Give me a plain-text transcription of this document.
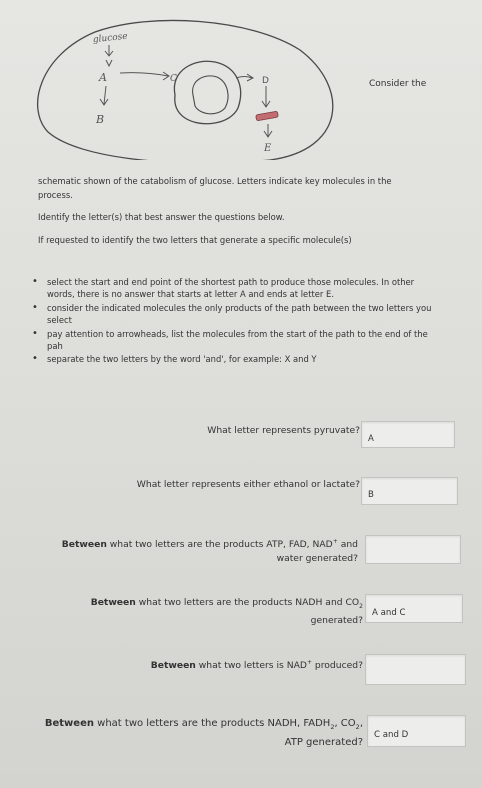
glucose
A
B
C	D
E
Consider the
schematic shown of the catabolism of glucose. Letters indicate key molecules in the
process.
Identify the letter(s) that best answer the questions below.
If requested to identify the two letters that generate a specific molecule(s)
• select the start and end point of the shortest path to produce those molecules. In other words, there is no answer that starts at letter A and ends at letter E.
• consider the indicated molecules the only products of the path between the two letters you select
• pay attention to arrowheads, list the molecules from the start of the path to the end of the pah
• separate the two letters by the word 'and', for example: X and Y
What letter represents pyruvate?
A
What letter represents either ethanol or lactate?
B
Between what two letters are the products ATP, FAD, NAD+ and
water generated?
Between what two letters are the products NADH and $CO_2$
generated?
A and C
Between what two letters is NAD+ produced?
Between what two letters are the products NADH, $FADH_2$, $CO_2$,
ATP generated?
C and D
